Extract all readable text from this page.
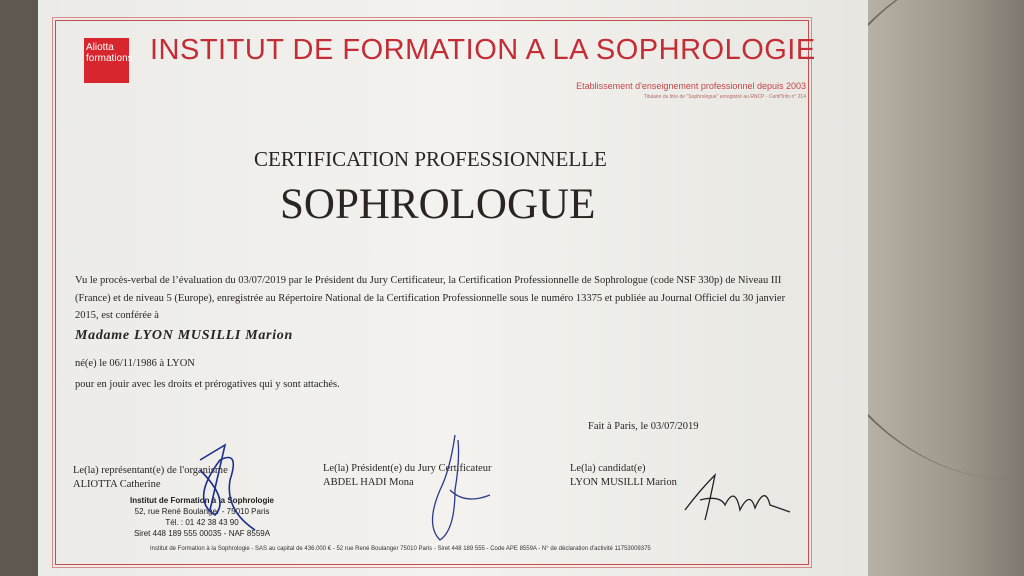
Aliotta
formations INSTITUT DE FORMATION A LA SOPHROLOGIE
Etablissement d'enseignement professionnel depuis 2003
Titulaire du titre de "Sophrologue" enregistré au RNCP - Certif'Info n° 214
CERTIFICATION PROFESSIONNELLE
SOPHROLOGUE
Vu le procès-verbal de l’évaluation du 03/07/2019 par le Président du Jury Certificateur, la Certification Professionnelle de Sophrologue (code NSF 330p) de Niveau III (France) et de niveau 5 (Europe), enregistrée au Répertoire National de la Certification Professionnelle sous le numéro 13375 et publiée au Journal Officiel du 30 janvier 2015, est conférée à
Madame LYON MUSILLI Marion
né(e) le 06/11/1986 à LYON
pour en jouir avec les droits et prérogatives qui y sont attachés.
Fait à Paris, le 03/07/2019
Le(la) représentant(e) de l'organisme
ALIOTTA Catherine
Le(la) Président(e) du Jury Certificateur
ABDEL HADI Mona
Le(la) candidat(e)
LYON MUSILLI Marion
Institut de Formation à la Sophrologie
52, rue René Boulanger - 75010 Paris
Tél. : 01 42 38 43 90
Siret 448 189 555 00035 - NAF 8559A
Institut de Formation à la Sophrologie - SAS au capital de 436.000 € - 52 rue René Boulanger 75010 Paris - Siret 448 189 555 - Code APE 8559A - N° de déclaration d'activité 11753009375
